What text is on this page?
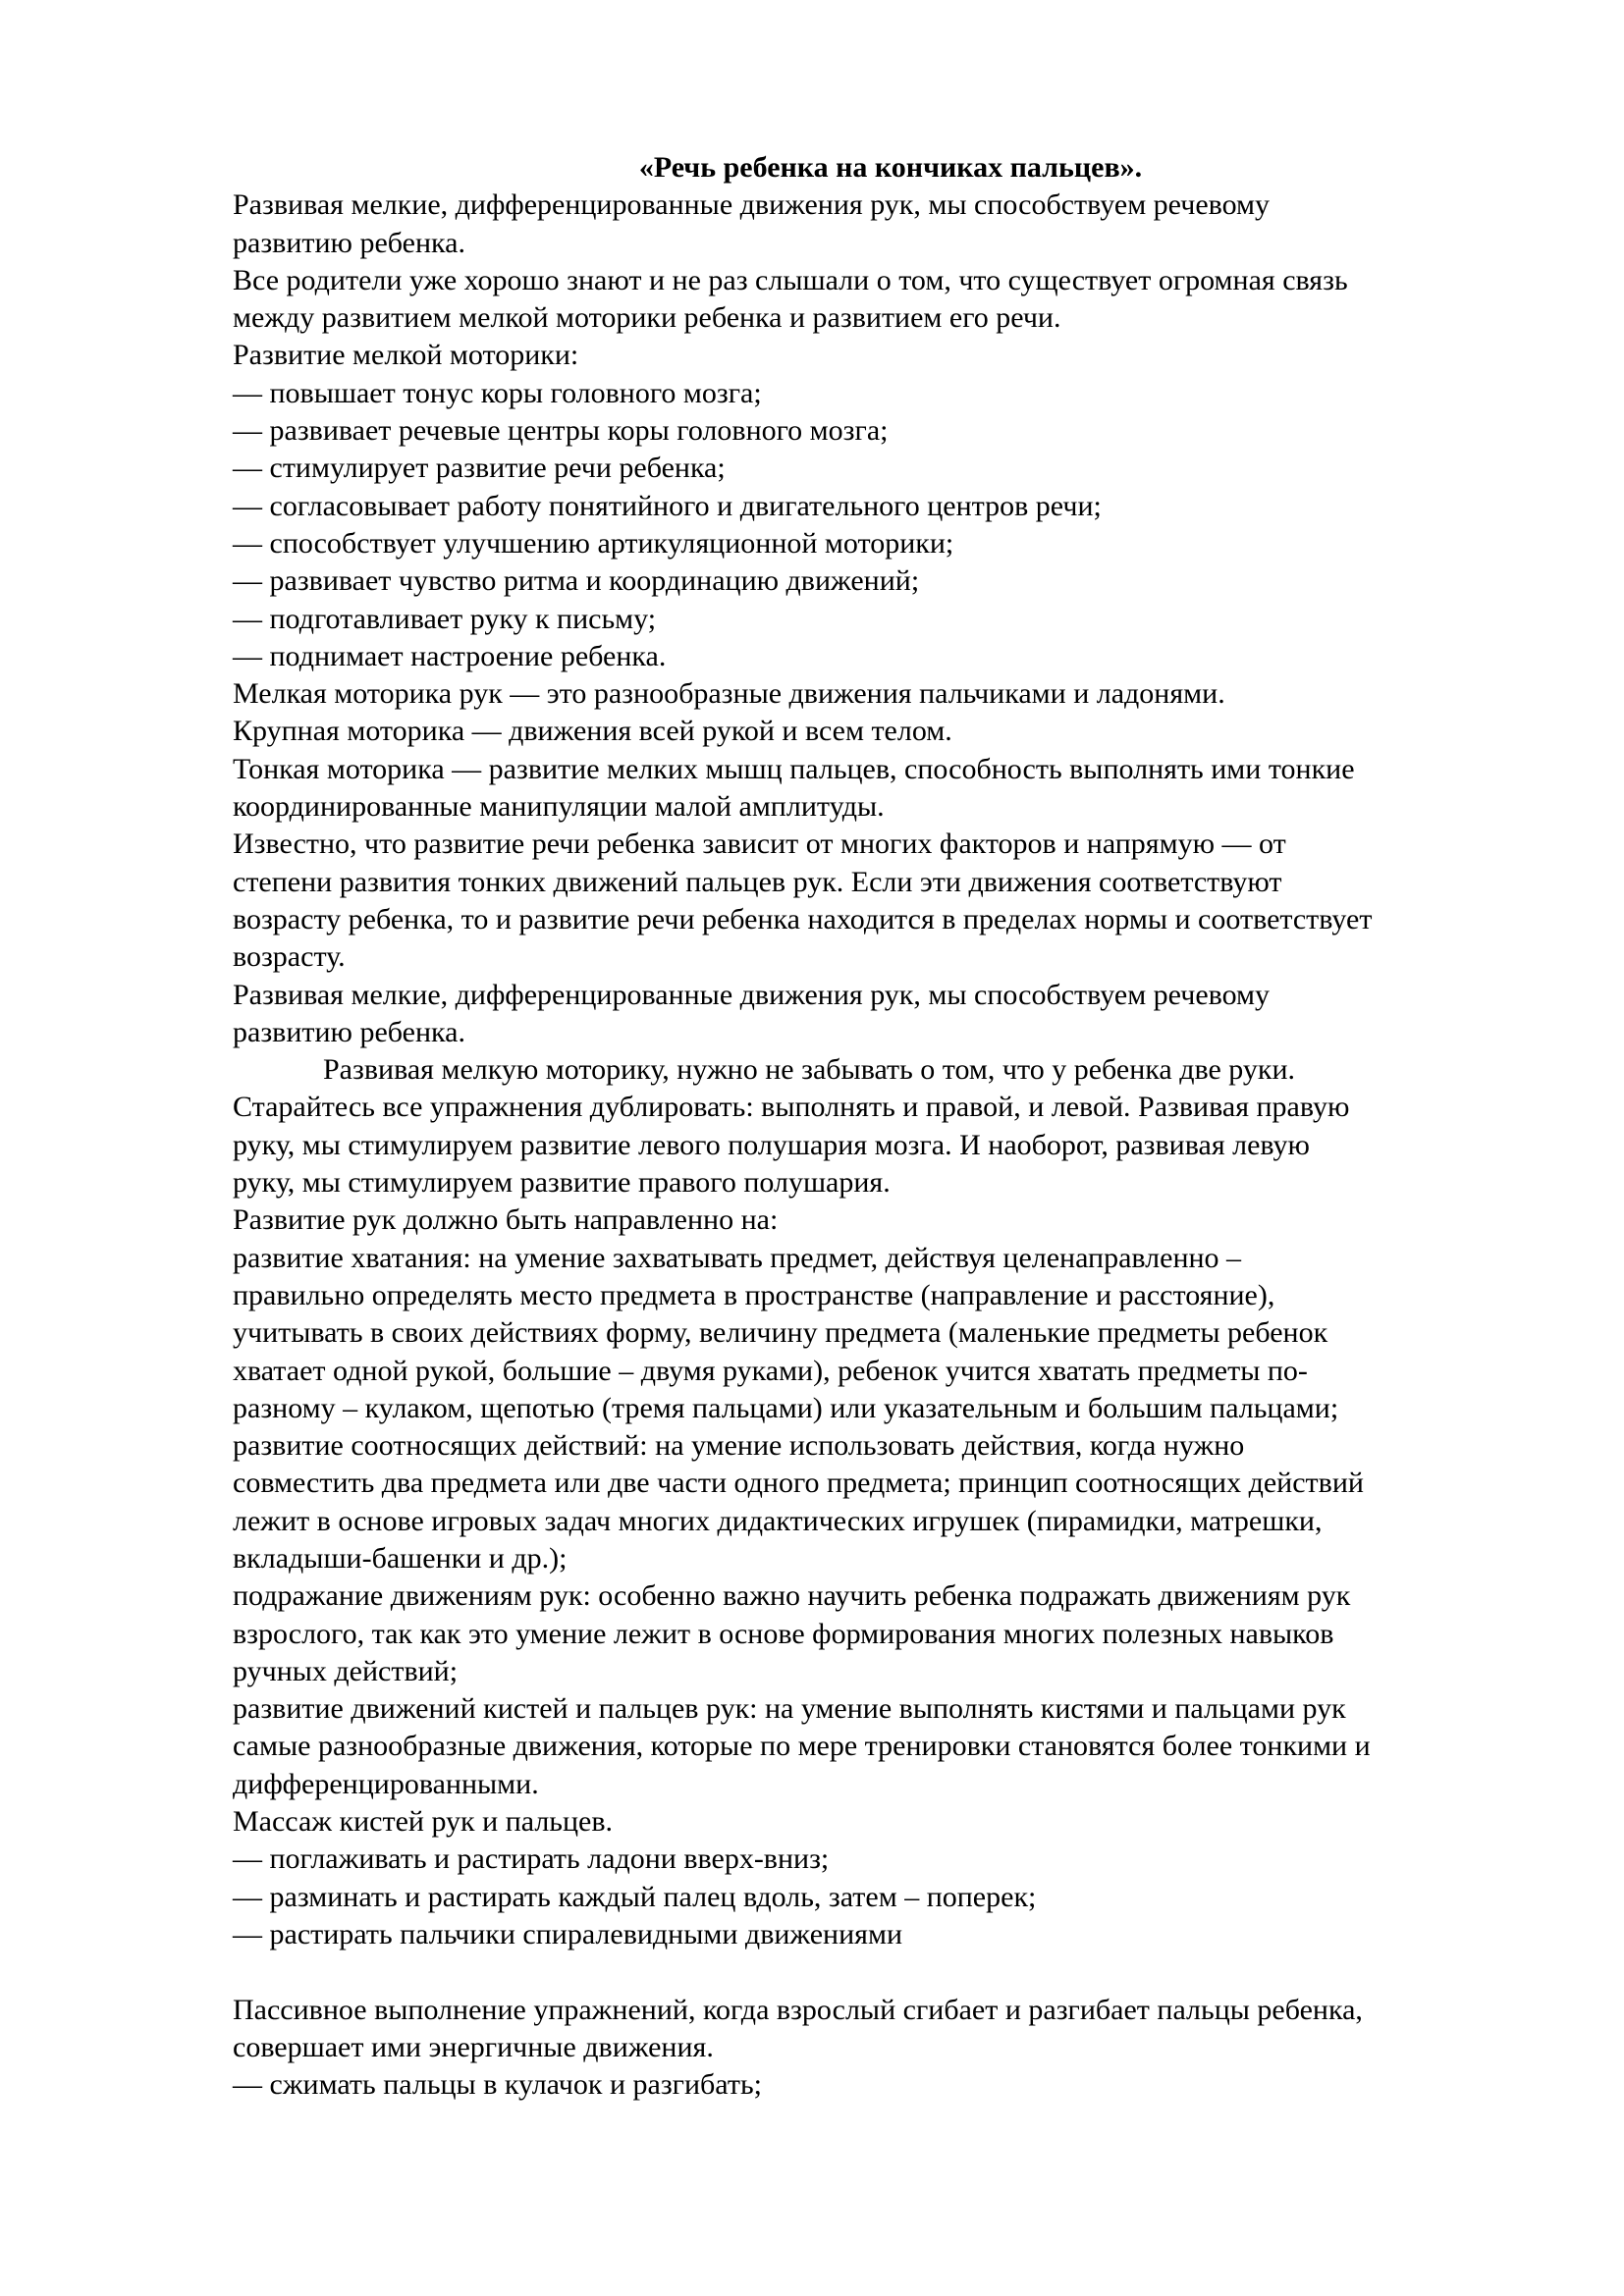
«Речь ребенка на кончиках пальцев».

Развивая мелкие, дифференцированные движения рук, мы способствуем речевому

развитию ребенка.

Все родители уже хорошо знают и не раз слышали о том, что существует огромная связь

между развитием мелкой моторики ребенка и развитием его речи.

Развитие мелкой моторики:

— повышает тонус коры головного мозга;

— развивает речевые центры коры головного мозга;

— стимулирует развитие речи ребенка;

— согласовывает работу понятийного и двигательного центров речи;

— способствует улучшению артикуляционной моторики;

— развивает чувство ритма и координацию движений;

— подготавливает руку к письму;

— поднимает настроение ребенка.

Мелкая моторика рук — это разнообразные движения пальчиками и ладонями.

Крупная моторика — движения всей рукой и всем телом.

Тонкая моторика — развитие мелких мышц пальцев, способность выполнять ими тонкие

координированные манипуляции малой амплитуды.

Известно, что развитие речи ребенка зависит от многих факторов и напрямую — от

степени развития тонких движений пальцев рук. Если эти движения соответствуют

возрасту ребенка, то и развитие речи ребенка находится в пределах нормы и соответствует

возрасту.

Развивая мелкие, дифференцированные движения рук, мы способствуем речевому

развитию ребенка.

Развивая мелкую моторику, нужно не забывать о том, что у ребенка две руки.

Старайтесь все упражнения дублировать: выполнять и правой, и левой. Развивая правую

руку, мы стимулируем развитие левого полушария мозга. И наоборот, развивая левую

руку, мы стимулируем развитие правого полушария.

Развитие рук должно быть направленно на:

развитие хватания: на умение захватывать предмет, действуя целенаправленно –

правильно определять место предмета в пространстве (направление и расстояние),

учитывать в своих действиях форму, величину предмета (маленькие предметы ребенок

хватает одной рукой, большие – двумя руками), ребенок учится хватать предметы по-

разному – кулаком, щепотью (тремя пальцами) или указательным и большим пальцами;

развитие соотносящих действий: на умение использовать действия, когда нужно

совместить два предмета или две части одного предмета; принцип соотносящих действий

лежит в основе игровых задач многих дидактических игрушек (пирамидки, матрешки,

вкладыши-башенки и др.);

подражание движениям рук: особенно важно научить ребенка подражать движениям рук

взрослого, так как это умение лежит в основе формирования многих полезных навыков

ручных действий;

развитие движений кистей и пальцев рук: на умение выполнять кистями и пальцами рук

самые разнообразные движения, которые по мере тренировки становятся более тонкими и

дифференцированными.

Массаж кистей рук и пальцев.

— поглаживать и растирать ладони вверх-вниз;

— разминать и растирать каждый палец вдоль, затем – поперек;

— растирать пальчики спиралевидными движениями

Пассивное выполнение упражнений, когда взрослый сгибает и разгибает пальцы ребенка,

совершает ими энергичные движения.

— сжимать пальцы в кулачок и разгибать;
